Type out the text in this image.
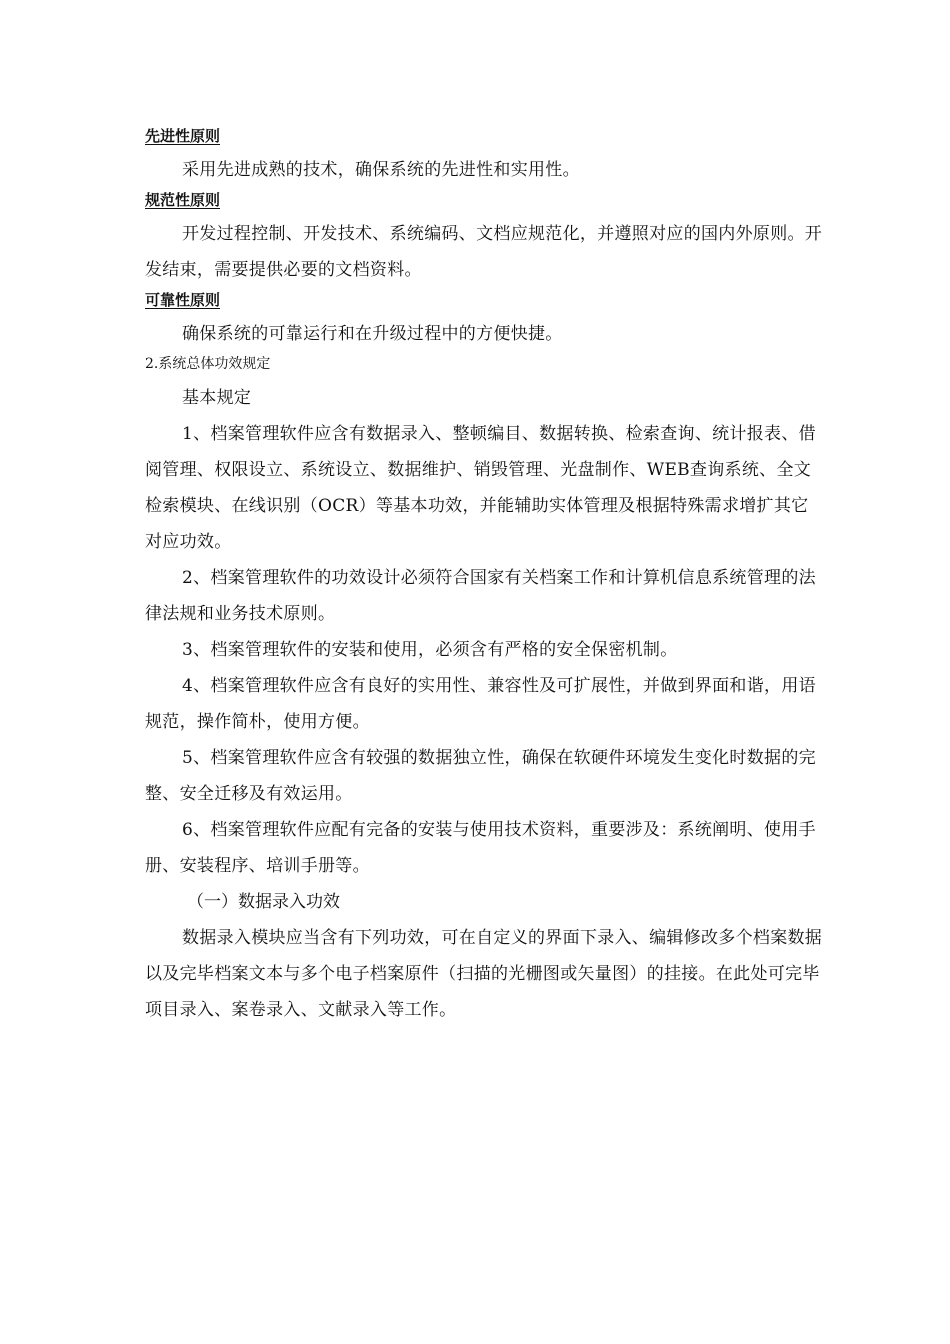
先进性原则

采用先进成熟的技术，确保系统的先进性和实用性。

规范性原则

开发过程控制、开发技术、系统编码、文档应规范化，并遵照对应的国内外原则。开发结束，需要提供必要的文档资料。

可靠性原则

确保系统的可靠运行和在升级过程中的方便快捷。

2.系统总体功效规定

基本规定

1、档案管理软件应含有数据录入、整顿编目、数据转换、检索查询、统计报表、借阅管理、权限设立、系统设立、数据维护、销毁管理、光盘制作、WEB查询系统、全文检索模块、在线识别（OCR）等基本功效，并能辅助实体管理及根据特殊需求增扩其它对应功效。

2、档案管理软件的功效设计必须符合国家有关档案工作和计算机信息系统管理的法律法规和业务技术原则。

3、档案管理软件的安装和使用，必须含有严格的安全保密机制。

4、档案管理软件应含有良好的实用性、兼容性及可扩展性，并做到界面和谐，用语规范，操作简朴，使用方便。

5、档案管理软件应含有较强的数据独立性，确保在软硬件环境发生变化时数据的完整、安全迁移及有效运用。

6、档案管理软件应配有完备的安装与使用技术资料，重要涉及：系统阐明、使用手册、安装程序、培训手册等。

（一）数据录入功效

数据录入模块应当含有下列功效，可在自定义的界面下录入、编辑修改多个档案数据以及完毕档案文本与多个电子档案原件（扫描的光栅图或矢量图）的挂接。在此处可完毕项目录入、案卷录入、文献录入等工作。
